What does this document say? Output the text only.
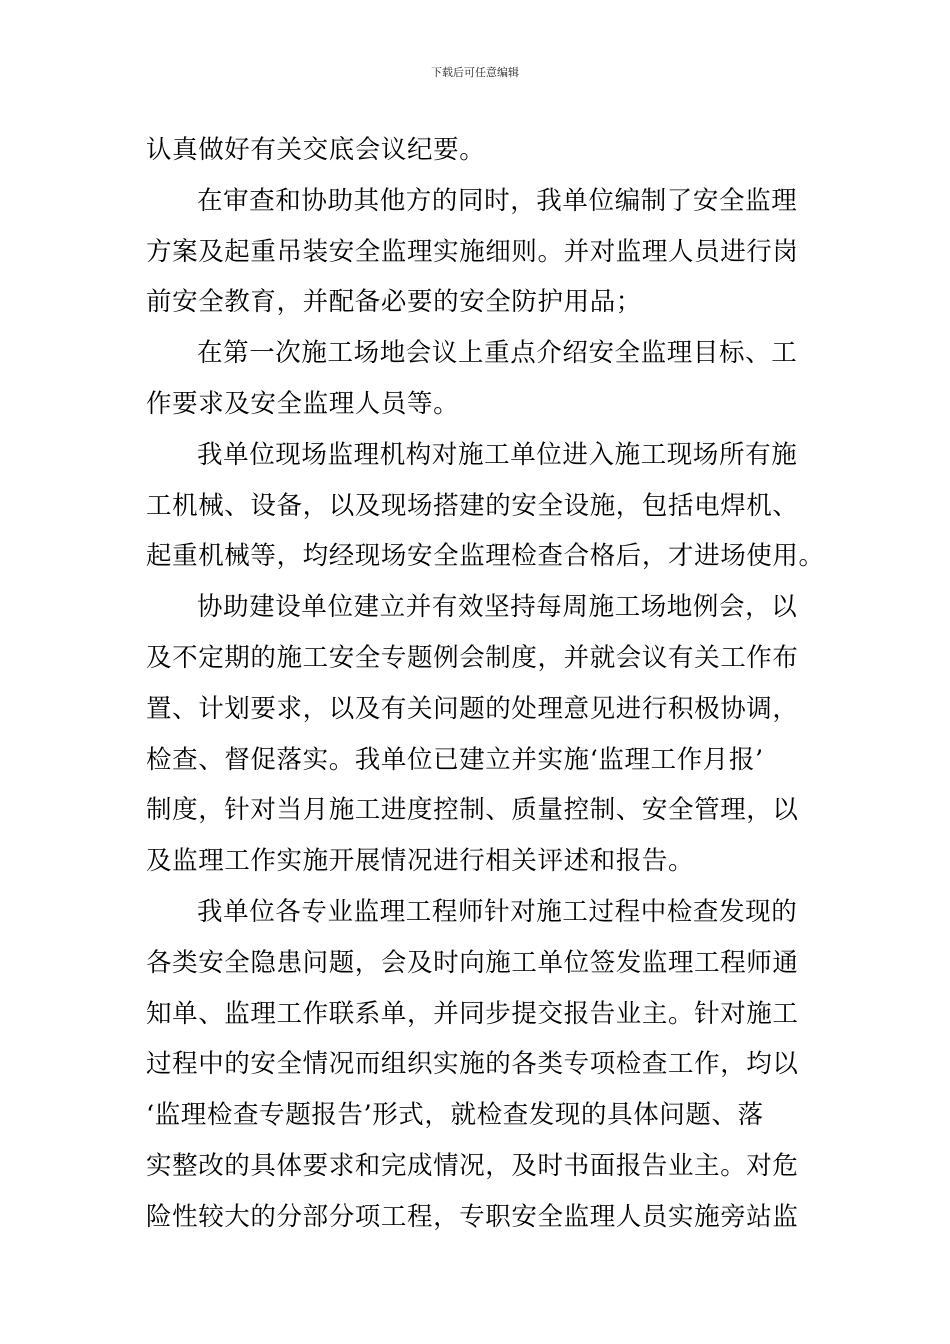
下载后可任意编辑
认真做好有关交底会议纪要。
在审查和协助其他方的同时，我单位编制了安全监理
方案及起重吊装安全监理实施细则。并对监理人员进行岗
前安全教育，并配备必要的安全防护用品；
在第一次施工场地会议上重点介绍安全监理目标、工
作要求及安全监理人员等。
我单位现场监理机构对施工单位进入施工现场所有施
工机械、设备，以及现场搭建的安全设施，包括电焊机、
起重机械等，均经现场安全监理检查合格后，才进场使用。
协助建设单位建立并有效坚持每周施工场地例会，以
及不定期的施工安全专题例会制度，并就会议有关工作布
置、计划要求，以及有关问题的处理意见进行积极协调，
检查、督促落实。我单位已建立并实施‘监理工作月报’
制度，针对当月施工进度控制、质量控制、安全管理，以
及监理工作实施开展情况进行相关评述和报告。
我单位各专业监理工程师针对施工过程中检查发现的
各类安全隐患问题，会及时向施工单位签发监理工程师通
知单、监理工作联系单，并同步提交报告业主。针对施工
过程中的安全情况而组织实施的各类专项检查工作，均以
‘监理检查专题报告’形式，就检查发现的具体问题、落
实整改的具体要求和完成情况，及时书面报告业主。对危
险性较大的分部分项工程，专职安全监理人员实施旁站监
